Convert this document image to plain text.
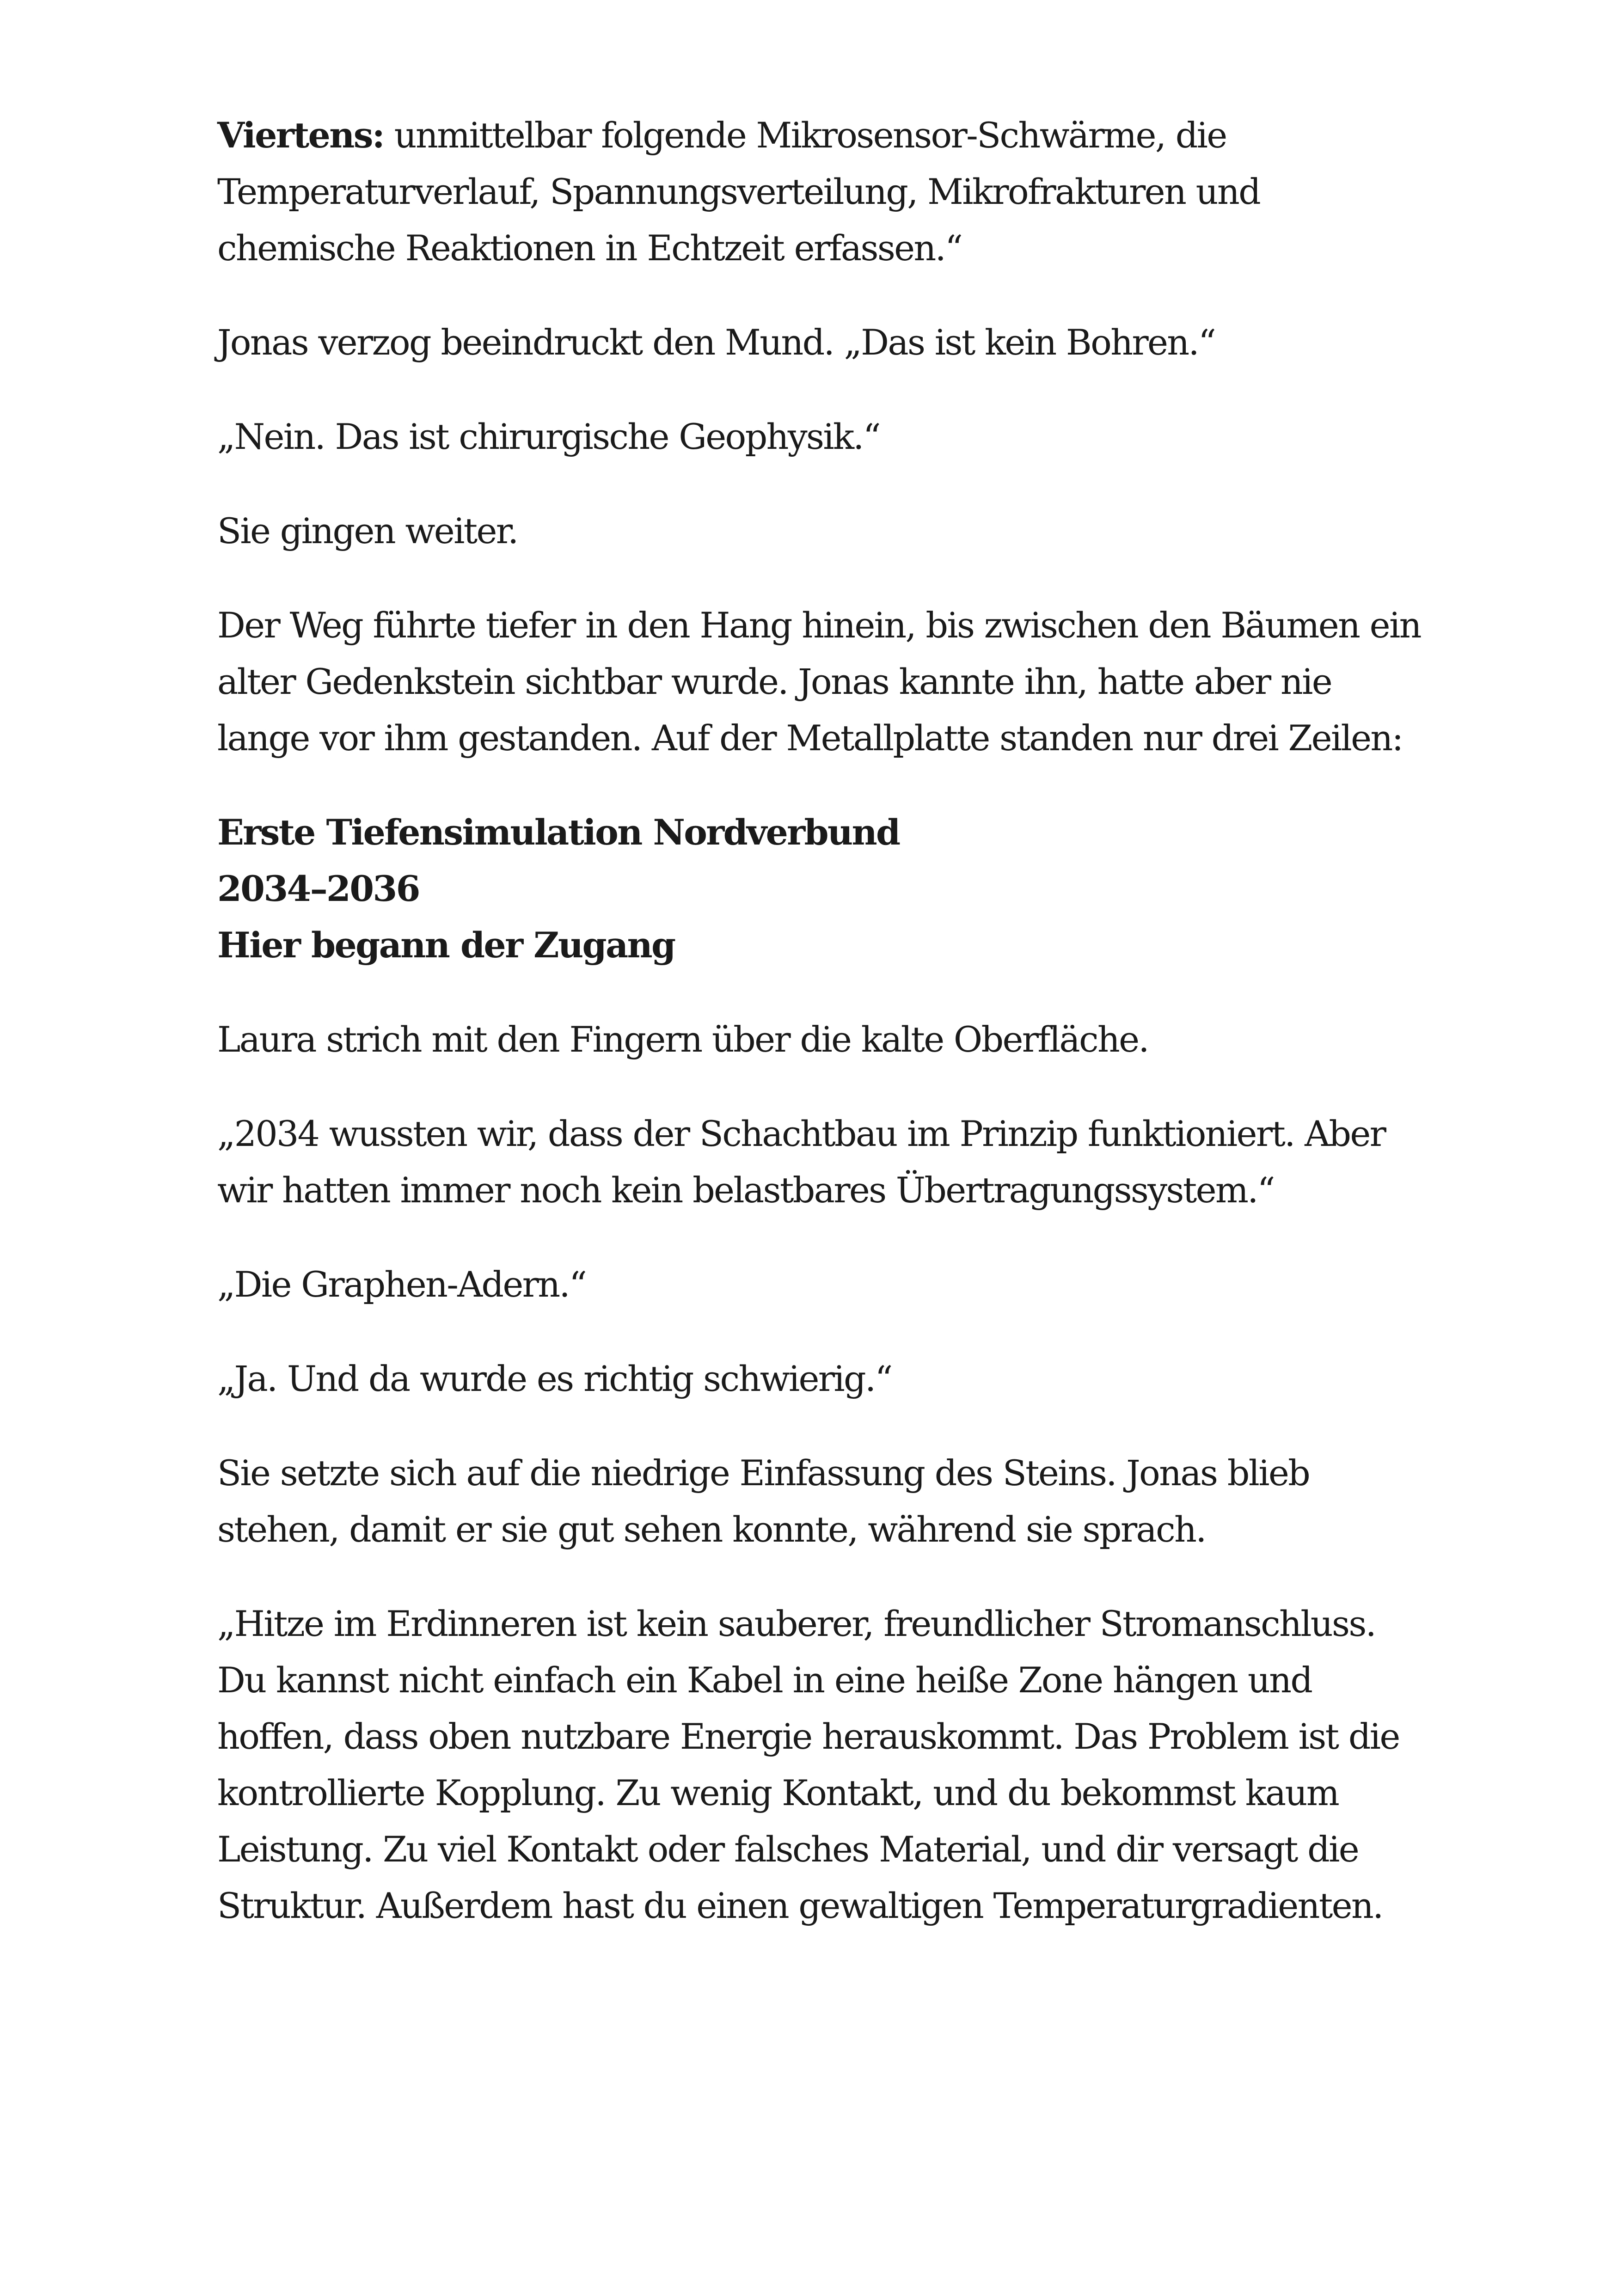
Viertens: unmittelbar folgende Mikrosensor-Schwärme, die
Temperaturverlauf, Spannungsverteilung, Mikrofrakturen und
chemische Reaktionen in Echtzeit erfassen.“

Jonas verzog beeindruckt den Mund. „Das ist kein Bohren.“

„Nein. Das ist chirurgische Geophysik.“

Sie gingen weiter.

Der Weg führte tiefer in den Hang hinein, bis zwischen den Bäumen ein
alter Gedenkstein sichtbar wurde. Jonas kannte ihn, hatte aber nie
lange vor ihm gestanden. Auf der Metallplatte standen nur drei Zeilen:

Erste Tiefensimulation Nordverbund
2034–2036
Hier begann der Zugang

Laura strich mit den Fingern über die kalte Oberfläche.

„2034 wussten wir, dass der Schachtbau im Prinzip funktioniert. Aber
wir hatten immer noch kein belastbares Übertragungssystem.“

„Die Graphen-Adern.“

„Ja. Und da wurde es richtig schwierig.“

Sie setzte sich auf die niedrige Einfassung des Steins. Jonas blieb
stehen, damit er sie gut sehen konnte, während sie sprach.

„Hitze im Erdinneren ist kein sauberer, freundlicher Stromanschluss.
Du kannst nicht einfach ein Kabel in eine heiße Zone hängen und
hoffen, dass oben nutzbare Energie herauskommt. Das Problem ist die
kontrollierte Kopplung. Zu wenig Kontakt, und du bekommst kaum
Leistung. Zu viel Kontakt oder falsches Material, und dir versagt die
Struktur. Außerdem hast du einen gewaltigen Temperaturgradienten.
